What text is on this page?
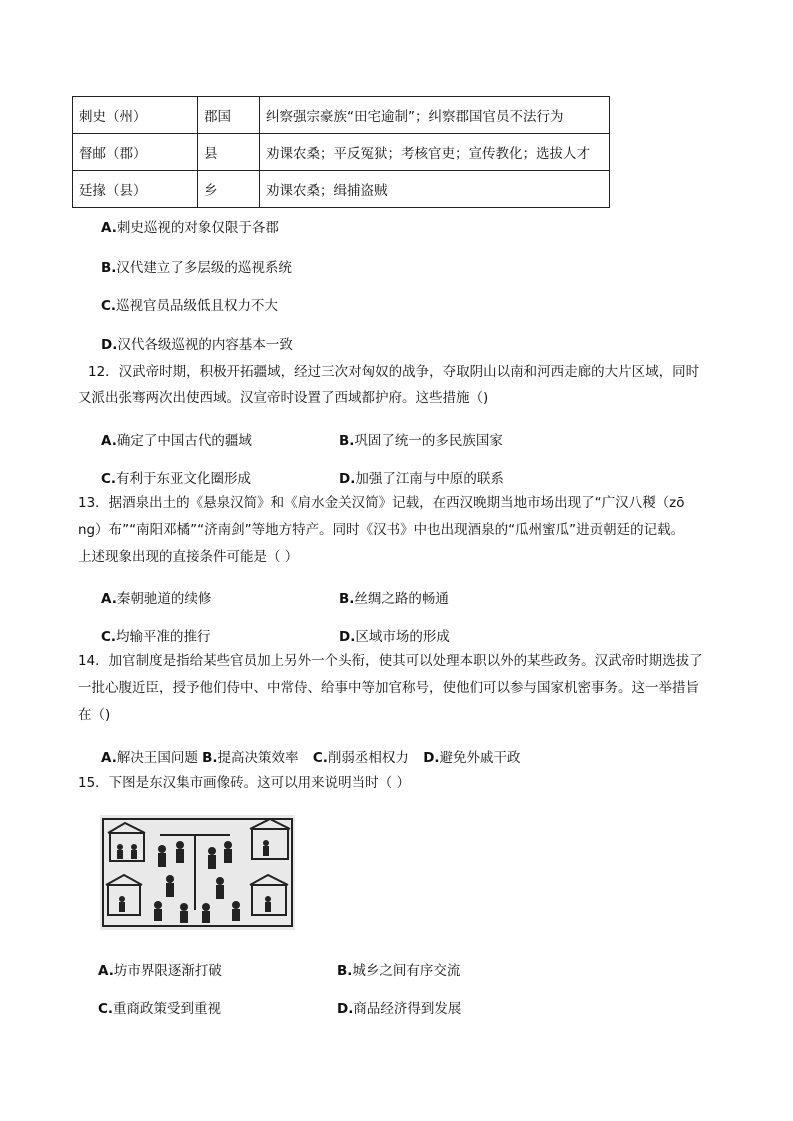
刺史（州）	郡国	纠察强宗豪族“田宅逾制”；纠察郡国官员不法行为
督邮（郡）	县	劝课农桑；平反冤狱；考核官吏；宣传教化；选拔人才
廷掾（县）	乡	劝课农桑；缉捕盗贼
A.刺史巡视的对象仅限于各郡
B.汉代建立了多层级的巡视系统
C.巡视官员品级低且权力不大
D.汉代各级巡视的内容基本一致
12．汉武帝时期，积极开拓疆域，经过三次对匈奴的战争，夺取阴山以南和河西走廊的大片区域，同时
又派出张骞两次出使西域。汉宣帝时设置了西域都护府。这些措施（)
A.确定了中国古代的疆域	B.巩固了统一的多民族国家
C.有利于东亚文化圈形成	D.加强了江南与中原的联系
13．据酒泉出土的《悬泉汉简》和《肩水金关汉简》记载，在西汉晚期当地市场出现了“广汉八稯（zō
ng）布”“南阳邓橘”“济南剑”等地方特产。同时《汉书》中也出现酒泉的“瓜州蜜瓜”进贡朝廷的记载。
上述现象出现的直接条件可能是（ ）
A.秦朝驰道的续修	B.丝绸之路的畅通
C.均输平准的推行	D.区域市场的形成
14．加官制度是指给某些官员加上另外一个头衔，使其可以处理本职以外的某些政务。汉武帝时期选拔了
一批心腹近臣，授予他们侍中、中常侍、给事中等加官称号，使他们可以参与国家机密事务。这一举措旨
在（)
A.解决王国问题 B.提高决策效率 C.削弱丞相权力 D.避免外戚干政
15．下图是东汉集市画像砖。这可以用来说明当时（ ）
A.坊市界限逐渐打破	B.城乡之间有序交流
C.重商政策受到重视	D.商品经济得到发展
